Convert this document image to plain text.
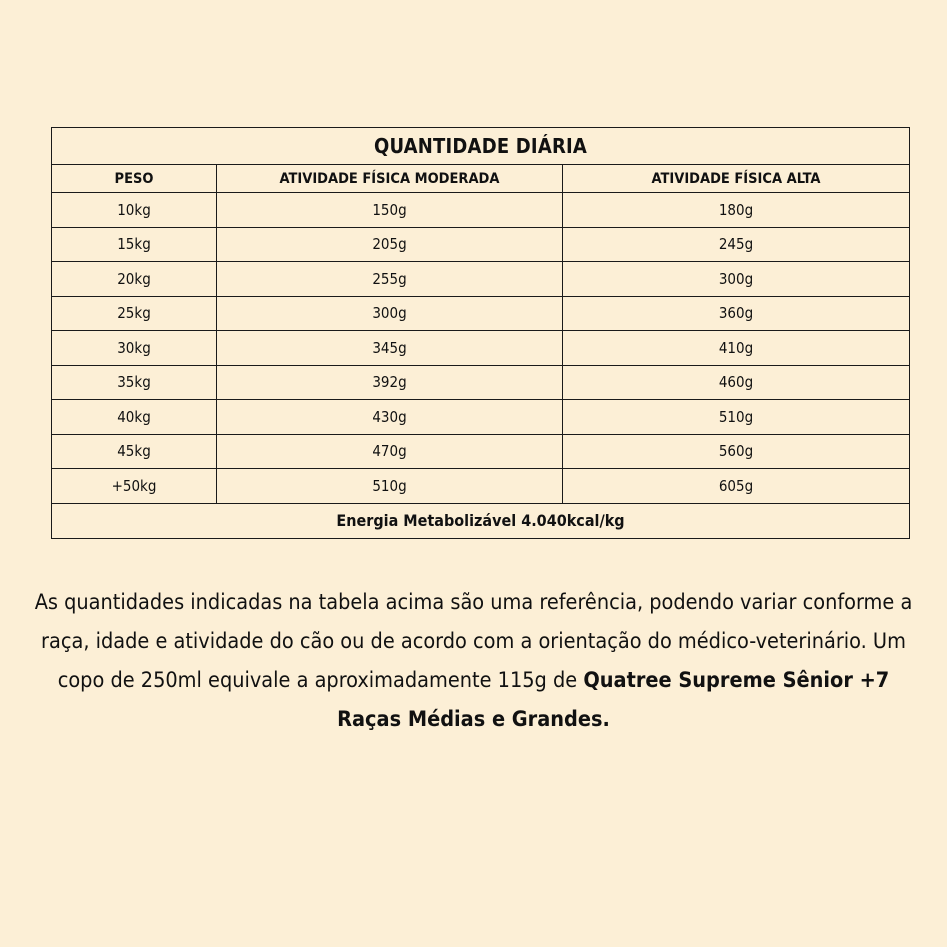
QUANTIDADE DIÁRIA		
PESO	ATIVIDADE FÍSICA MODERADA	ATIVIDADE FÍSICA ALTA
10kg	150g	180g
15kg	205g	245g
20kg	255g	300g
25kg	300g	360g
30kg	345g	410g
35kg	392g	460g
40kg	430g	510g
45kg	470g	560g
+50kg	510g	605g
Energia Metabolizável 4.040kcal/kg		

As quantidades indicadas na tabela acima são uma referência, podendo variar conforme a raça, idade e atividade do cão ou de acordo com a orientação do médico-veterinário. Um copo de 250ml equivale a aproximadamente 115g de Quatree Supreme Sênior +7 Raças Médias e Grandes.
